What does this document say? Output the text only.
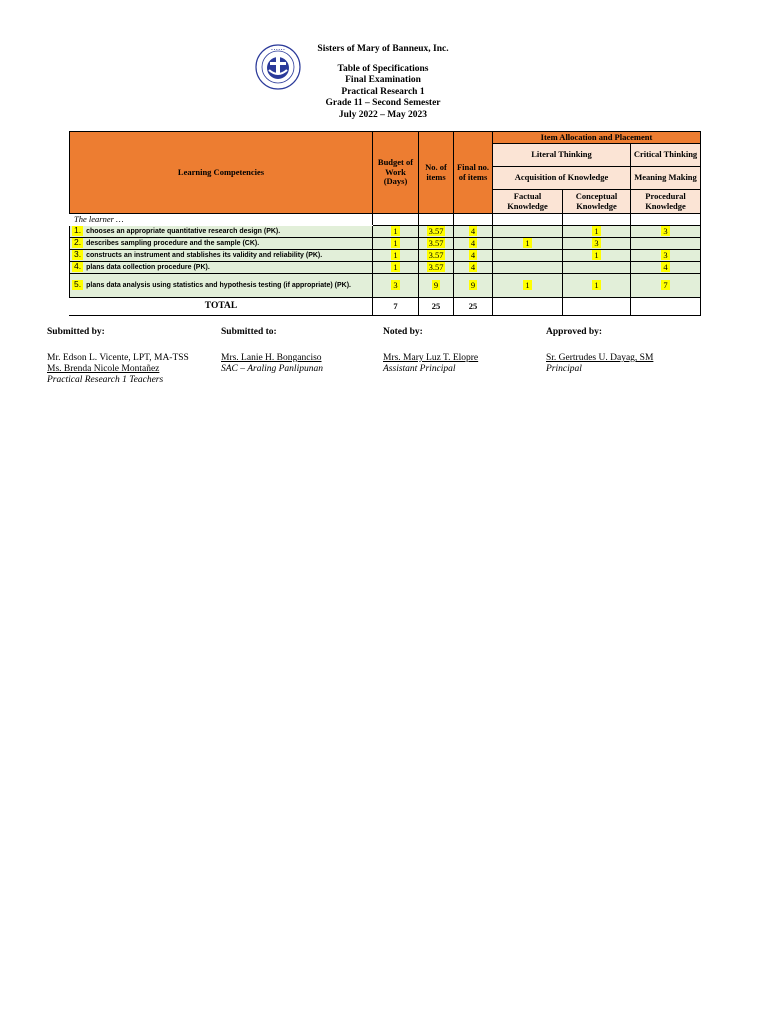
• • • • • •	Sisters of Mary of Banneux, Inc.
Table of Specifications
Final Examination
Practical Research 1
Grade 11 – Second Semester
July 2022 – May 2023
Learning Competencies	Budget of Work (Days)	No. of items	Final no. of items	Item Allocation and Placement		
				Literal Thinking		Critical Thinking
				Acquisition of Knowledge		Meaning Making
				Factual Knowledge	Conceptual Knowledge	Procedural Knowledge
The learner …						
1. chooses an appropriate quantitative research design (PK).	1	3.57	4		1	3
2. describes sampling procedure and the sample (CK).	1	3.57	4	1	3	
3. constructs an instrument and stablishes its validity and reliability (PK).	1	3.57	4		1	3
4. plans data collection procedure (PK).	1	3.57	4			4
5. plans data analysis using statistics and hypothesis testing (if appropriate) (PK).	3	9	9	1	1	7
TOTAL	7	25	25			
Submitted by:
Mr. Edson L. Vicente, LPT, MA-TSS
Ms. Brenda Nicole Montañez
Practical Research 1 Teachers
Submitted to:
Mrs. Lanie H. Bonganciso
SAC – Araling Panlipunan
Noted by:
Mrs. Mary Luz T. Elopre
Assistant Principal
Approved by:
Sr. Gertrudes U. Dayag, SM
Principal
